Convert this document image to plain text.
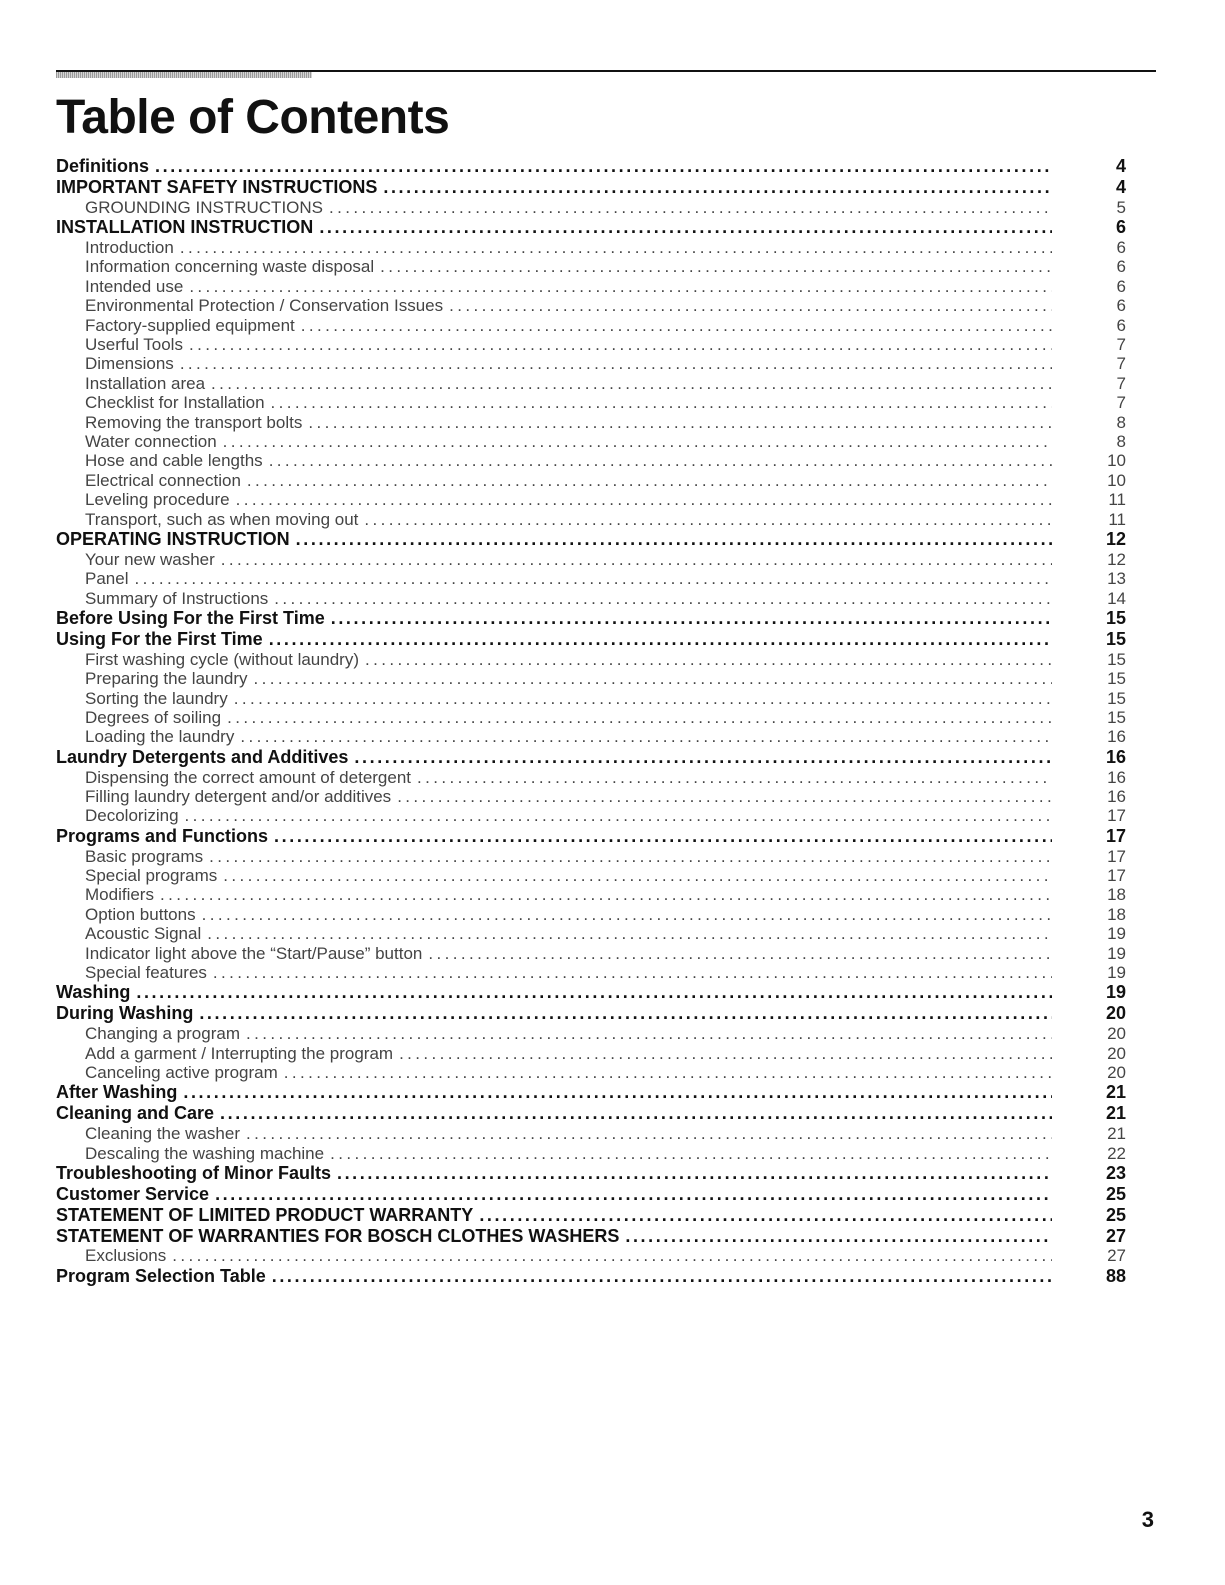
Table of Contents
Definitions .....	4
IMPORTANT SAFETY INSTRUCTIONS .....	4
GROUNDING INSTRUCTIONS .....	5
INSTALLATION INSTRUCTION .....	6
Introduction .....	6
Information concerning waste disposal .....	6
Intended use .....	6
Environmental Protection / Conservation Issues .....	6
Factory-supplied equipment .....	6
Userful Tools .....	7
Dimensions .....	7
Installation area .....	7
Checklist for Installation .....	7
Removing the transport bolts .....	8
Water connection .....	8
Hose and cable lengths .....	10
Electrical connection .....	10
Leveling procedure .....	11
Transport, such as when moving out .....	11
OPERATING INSTRUCTION .....	12
Your new washer .....	12
Panel .....	13
Summary of Instructions .....	14
Before Using For the First Time .....	15
Using For the First Time .....	15
First washing cycle (without laundry) .....	15
Preparing the laundry .....	15
Sorting the laundry .....	15
Degrees of soiling .....	15
Loading the laundry .....	16
Laundry Detergents and Additives .....	16
Dispensing the correct amount of detergent .....	16
Filling laundry detergent and/or additives .....	16
Decolorizing .....	17
Programs and Functions .....	17
Basic programs .....	17
Special programs .....	17
Modifiers .....	18
Option buttons .....	18
Acoustic Signal .....	19
Indicator light above the “Start/Pause” button .....	19
Special features .....	19
Washing .....	19
During Washing .....	20
Changing a program .....	20
Add a garment / Interrupting the program .....	20
Canceling active program .....	20
After Washing .....	21
Cleaning and Care .....	21
Cleaning the washer .....	21
Descaling the washing machine .....	22
Troubleshooting of Minor Faults .....	23
Customer Service .....	25
STATEMENT OF LIMITED PRODUCT WARRANTY .....	25
STATEMENT OF WARRANTIES FOR BOSCH CLOTHES WASHERS .....	27
Exclusions .....	27
Program Selection Table .....	88
3
